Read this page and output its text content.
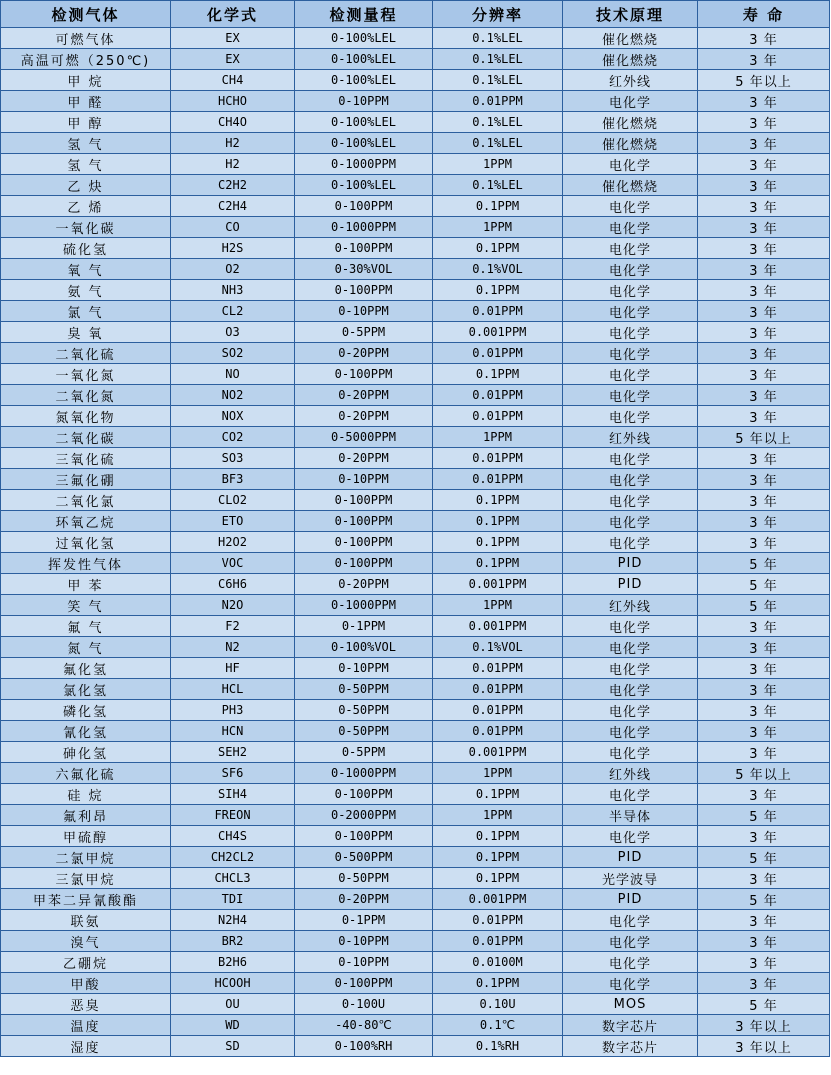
检测气体	化学式	检测量程	分辨率	技术原理	寿 命
可燃气体	EX	0-100%LEL	0.1%LEL	催化燃烧	3 年
高温可燃（250℃)	EX	0-100%LEL	0.1%LEL	催化燃烧	3 年
甲 烷	CH4	0-100%LEL	0.1%LEL	红外线	5 年以上
甲 醛	HCHO	0-10PPM	0.01PPM	电化学	3 年
甲 醇	CH4O	0-100%LEL	0.1%LEL	催化燃烧	3 年
氢 气	H2	0-100%LEL	0.1%LEL	催化燃烧	3 年
氢 气	H2	0-1000PPM	1PPM	电化学	3 年
乙 炔	C2H2	0-100%LEL	0.1%LEL	催化燃烧	3 年
乙 烯	C2H4	0-100PPM	0.1PPM	电化学	3 年
一氧化碳	CO	0-1000PPM	1PPM	电化学	3 年
硫化氢	H2S	0-100PPM	0.1PPM	电化学	3 年
氧 气	O2	0-30%VOL	0.1%VOL	电化学	3 年
氨 气	NH3	0-100PPM	0.1PPM	电化学	3 年
氯 气	CL2	0-10PPM	0.01PPM	电化学	3 年
臭 氧	O3	0-5PPM	0.001PPM	电化学	3 年
二氧化硫	SO2	0-20PPM	0.01PPM	电化学	3 年
一氧化氮	NO	0-100PPM	0.1PPM	电化学	3 年
二氧化氮	NO2	0-20PPM	0.01PPM	电化学	3 年
氮氧化物	NOX	0-20PPM	0.01PPM	电化学	3 年
二氧化碳	CO2	0-5000PPM	1PPM	红外线	5 年以上
三氧化硫	SO3	0-20PPM	0.01PPM	电化学	3 年
三氟化硼	BF3	0-10PPM	0.01PPM	电化学	3 年
二氧化氯	CLO2	0-100PPM	0.1PPM	电化学	3 年
环氧乙烷	ETO	0-100PPM	0.1PPM	电化学	3 年
过氧化氢	H2O2	0-100PPM	0.1PPM	电化学	3 年
挥发性气体	VOC	0-100PPM	0.1PPM	PID	5 年
甲 苯	C6H6	0-20PPM	0.001PPM	PID	5 年
笑 气	N2O	0-1000PPM	1PPM	红外线	5 年
氟 气	F2	0-1PPM	0.001PPM	电化学	3 年
氮 气	N2	0-100%VOL	0.1%VOL	电化学	3 年
氟化氢	HF	0-10PPM	0.01PPM	电化学	3 年
氯化氢	HCL	0-50PPM	0.01PPM	电化学	3 年
磷化氢	PH3	0-50PPM	0.01PPM	电化学	3 年
氰化氢	HCN	0-50PPM	0.01PPM	电化学	3 年
砷化氢	SEH2	0-5PPM	0.001PPM	电化学	3 年
六氟化硫	SF6	0-1000PPM	1PPM	红外线	5 年以上
硅 烷	SIH4	0-100PPM	0.1PPM	电化学	3 年
氟利昂	FREON	0-2000PPM	1PPM	半导体	5 年
甲硫醇	CH4S	0-100PPM	0.1PPM	电化学	3 年
二氯甲烷	CH2CL2	0-500PPM	0.1PPM	PID	5 年
三氯甲烷	CHCL3	0-50PPM	0.1PPM	光学波导	3 年
甲苯二异氰酸酯	TDI	0-20PPM	0.001PPM	PID	5 年
联氨	N2H4	0-1PPM	0.01PPM	电化学	3 年
溴气	BR2	0-10PPM	0.01PPM	电化学	3 年
乙硼烷	B2H6	0-10PPM	0.0100M	电化学	3 年
甲酸	HCOOH	0-100PPM	0.1PPM	电化学	3 年
恶臭	OU	0-100U	0.10U	MOS	5 年
温度	WD	-40-80℃	0.1℃	数字芯片	3 年以上
湿度	SD	0-100%RH	0.1%RH	数字芯片	3 年以上
